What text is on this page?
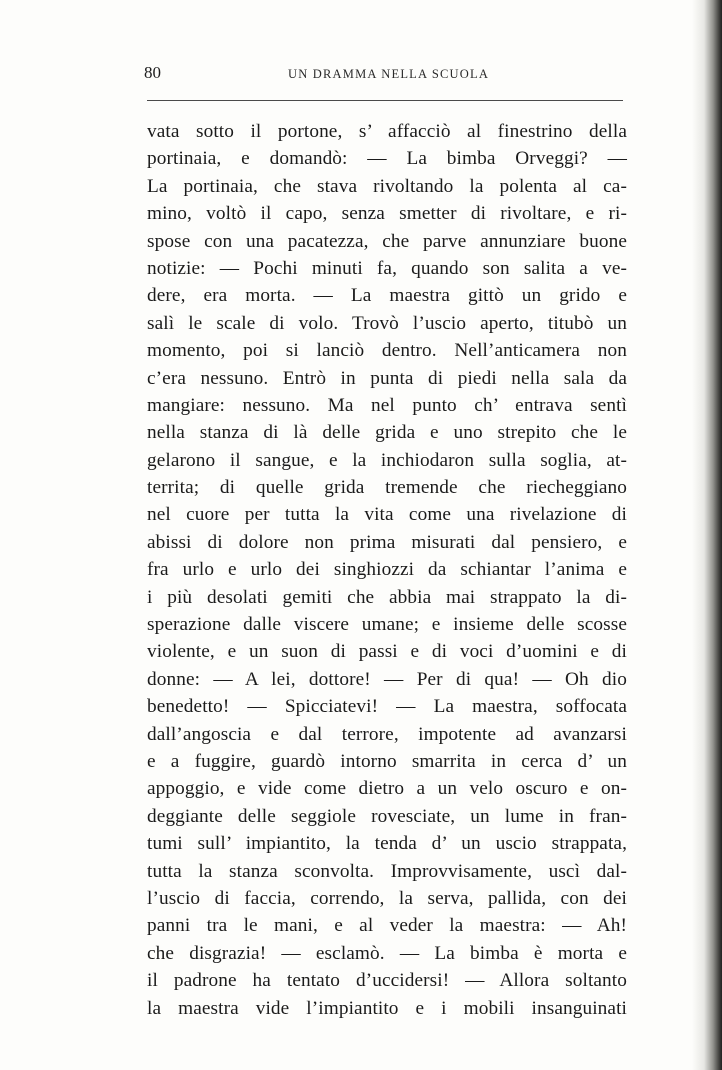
80	UN DRAMMA NELLA SCUOLA
vata sotto il portone, s’ affacciò al finestrino della
portinaia, e domandò: — La bimba Orveggi? —
La portinaia, che stava rivoltando la polenta al ca-
mino, voltò il capo, senza smetter di rivoltare, e ri-
spose con una pacatezza, che parve annunziare buone
notizie: — Pochi minuti fa, quando son salita a ve-
dere, era morta. — La maestra gittò un grido e
salì le scale di volo. Trovò l’uscio aperto, titubò un
momento, poi si lanciò dentro. Nell’anticamera non
c’era nessuno. Entrò in punta di piedi nella sala da
mangiare: nessuno. Ma nel punto ch’ entrava sentì
nella stanza di là delle grida e uno strepito che le
gelarono il sangue, e la inchiodaron sulla soglia, at-
territa; di quelle grida tremende che riecheggiano
nel cuore per tutta la vita come una rivelazione di
abissi di dolore non prima misurati dal pensiero, e
fra urlo e urlo dei singhiozzi da schiantar l’anima e
i più desolati gemiti che abbia mai strappato la di-
sperazione dalle viscere umane; e insieme delle scosse
violente, e un suon di passi e di voci d’uomini e di
donne: — A lei, dottore! — Per di qua! — Oh dio
benedetto! — Spicciatevi! — La maestra, soffocata
dall’angoscia e dal terrore, impotente ad avanzarsi
e a fuggire, guardò intorno smarrita in cerca d’ un
appoggio, e vide come dietro a un velo oscuro e on-
deggiante delle seggiole rovesciate, un lume in fran-
tumi sull’ impiantito, la tenda d’ un uscio strappata,
tutta la stanza sconvolta. Improvvisamente, uscì dal-
l’uscio di faccia, correndo, la serva, pallida, con dei
panni tra le mani, e al veder la maestra: — Ah!
che disgrazia! — esclamò. — La bimba è morta e
il padrone ha tentato d’uccidersi! — Allora soltanto
la maestra vide l’impiantito e i mobili insanguinati
